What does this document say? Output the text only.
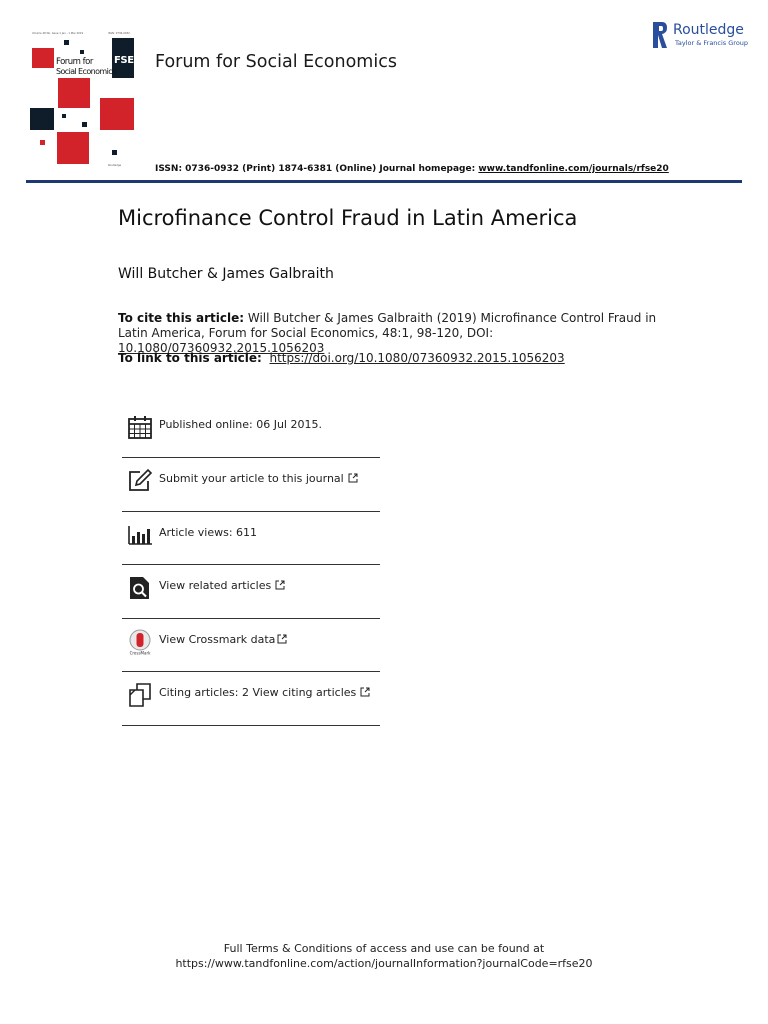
Volume 48 No. Issue 1 Jan - 1 Mar 2019	ISSN: 0736-0932
Forum for
Social Economics
FSE
Routledge
Forum for Social Economics
Routledge
Taylor & Francis Group
ISSN: 0736-0932 (Print) 1874-6381 (Online) Journal homepage: www.tandfonline.com/journals/rfse20
Microfinance Control Fraud in Latin America
Will Butcher & James Galbraith
To cite this article: Will Butcher & James Galbraith (2019) Microfinance Control Fraud in Latin America, Forum for Social Economics, 48:1, 98-120, DOI: 10.1080/07360932.2015.1056203
To link to this article: https://doi.org/10.1080/07360932.2015.1056203
Published online: 06 Jul 2015.
Submit your article to this journal
Article views: 611
View related articles
CrossMark
View Crossmark data
Citing articles: 2 View citing articles
Full Terms & Conditions of access and use can be found at
https://www.tandfonline.com/action/journalInformation?journalCode=rfse20
